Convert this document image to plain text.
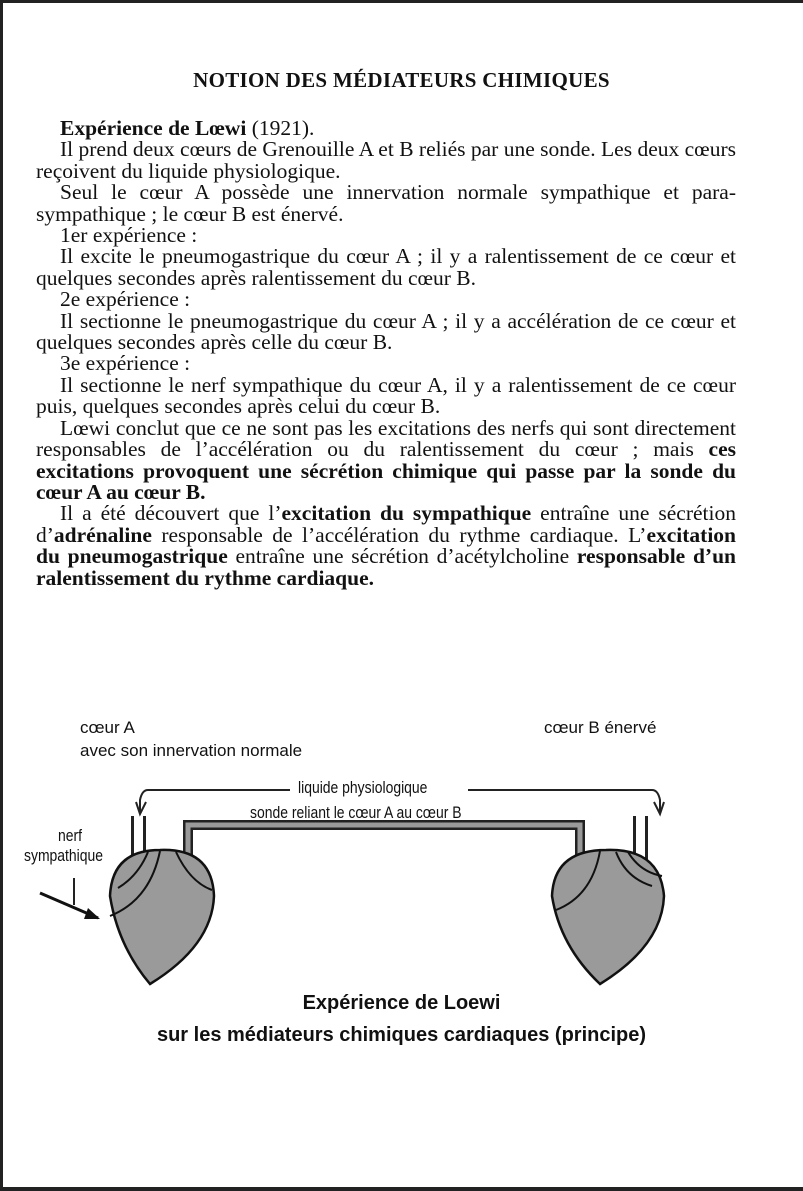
NOTION DES MÉDIATEURS CHIMIQUES

Expérience de Lœwi (1921).

Il prend deux cœurs de Grenouille A et B reliés par une sonde. Les deux cœurs reçoivent du liquide physiologique.

Seul le cœur A possède une innervation normale sympathique et para-sympathique ; le cœur B est énervé.

1er expérience :

Il excite le pneumogastrique du cœur A ; il y a ralentissement de ce cœur et quelques secondes après ralentissement du cœur B.

2e expérience :

Il sectionne le pneumogastrique du cœur A ; il y a accélération de ce cœur et quelques secondes après celle du cœur B.

3e expérience :

Il sectionne le nerf sympathique du cœur A, il y a ralentissement de ce cœur puis, quelques secondes après celui du cœur B.

Lœwi conclut que ce ne sont pas les excitations des nerfs qui sont directement responsables de l’accélération ou du ralentissement du cœur ; mais ces excitations provoquent une sécrétion chimique qui passe par la sonde du cœur A au cœur B.

Il a été découvert que l’excitation du sympathique entraîne une sécrétion d’adrénaline responsable de l’accélération du rythme cardiaque. L’excitation du pneumogastrique entraîne une sécrétion d’acétylcholine responsable d’un ralentissement du rythme cardiaque.

cœur A
avec son innervation normale
cœur B énervé
liquide physiologique
sonde reliant le cœur A au cœur B
nerf
sympathique
Expérience de Loewi
sur les médiateurs chimiques cardiaques (principe)
